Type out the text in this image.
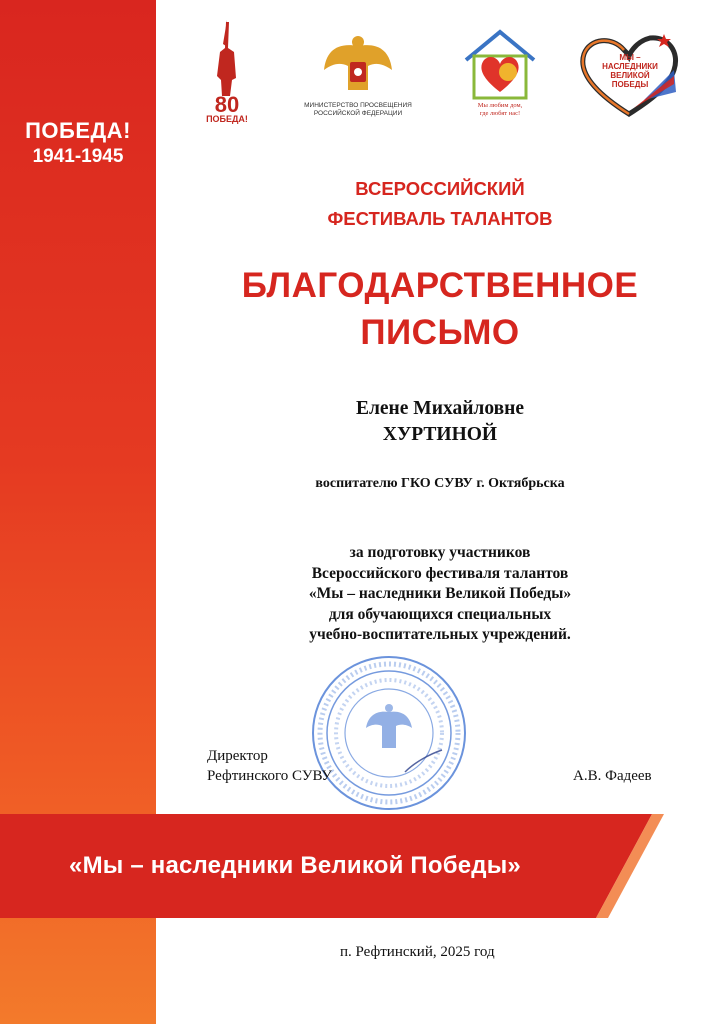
ПОБЕДА!
1941-1945
80
ПОБЕДА!
МИНИСТЕРСТВО ПРОСВЕЩЕНИЯ
РОССИЙСКОЙ ФЕДЕРАЦИИ
Мы любим дом,
где любят нас!
МЫ –
НАСЛЕДНИКИ
ВЕЛИКОЙ
ПОБЕДЫ
ВСЕРОССИЙСКИЙ
ФЕСТИВАЛЬ ТАЛАНТОВ
БЛАГОДАРСТВЕННОЕ
ПИСЬМО
Елене Михайловне
ХУРТИНОЙ
воспитателю ГКО СУВУ г. Октябрьска
за подготовку участников
Всероссийского фестиваля талантов
«Мы – наследники Великой Победы»
для обучающихся специальных
учебно-воспитательных учреждений.
Директор
Рефтинского СУВУ	А.В. Фадеев
«Мы – наследники Великой Победы»
п. Рефтинский, 2025 год
